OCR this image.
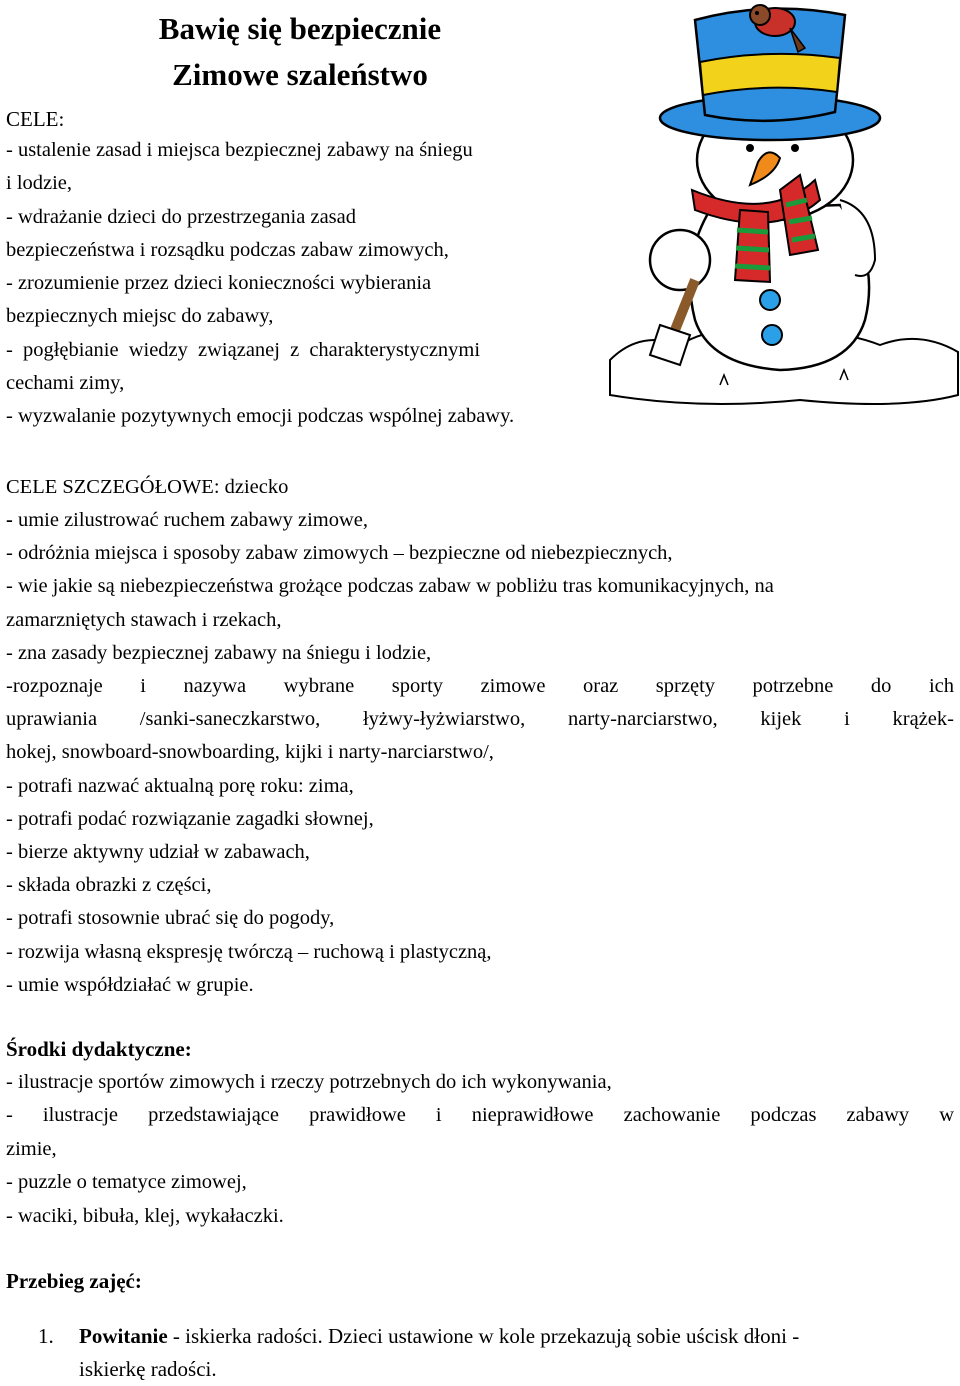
Bawię się bezpiecznie
Zimowe szaleństwo
CELE:
- ustalenie zasad i miejsca bezpiecznej zabawy na śniegu
i lodzie,
- wdrażanie dzieci do przestrzegania zasad
bezpieczeństwa i rozsądku podczas zabaw zimowych,
- zrozumienie przez dzieci konieczności wybierania
bezpiecznych miejsc do zabawy,
- pogłębianie wiedzy związanej z charakterystycznymi
cechami zimy,
- wyzwalanie pozytywnych emocji podczas wspólnej zabawy.
CELE SZCZEGÓŁOWE: dziecko
- umie zilustrować ruchem zabawy zimowe,
- odróżnia miejsca i sposoby zabaw zimowych – bezpieczne od niebezpiecznych,
- wie jakie są niebezpieczeństwa grożące podczas zabaw w pobliżu tras komunikacyjnych, na
zamarzniętych stawach i rzekach,
- zna zasady bezpiecznej zabawy na śniegu i lodzie,
-rozpoznaje i nazywa wybrane sporty zimowe oraz sprzęty potrzebne do ich
uprawiania /sanki-saneczkarstwo, łyżwy-łyżwiarstwo, narty-narciarstwo, kijek i krążek-
hokej, snowboard-snowboarding, kijki i narty-narciarstwo/,
- potrafi nazwać aktualną porę roku: zima,
- potrafi podać rozwiązanie zagadki słownej,
- bierze aktywny udział w zabawach,
- składa obrazki z części,
- potrafi stosownie ubrać się do pogody,
- rozwija własną ekspresję twórczą – ruchową i plastyczną,
- umie współdziałać w grupie.
Środki dydaktyczne:
- ilustracje sportów zimowych i rzeczy potrzebnych do ich wykonywania,
- ilustracje przedstawiające prawidłowe i nieprawidłowe zachowanie podczas zabawy w
zimie,
- puzzle o tematyce zimowej,
- waciki, bibuła, klej, wykałaczki.
Przebieg zajęć:
1. Powitanie - iskierka radości. Dzieci ustawione w kole przekazują sobie uścisk dłoni -
iskierkę radości.
